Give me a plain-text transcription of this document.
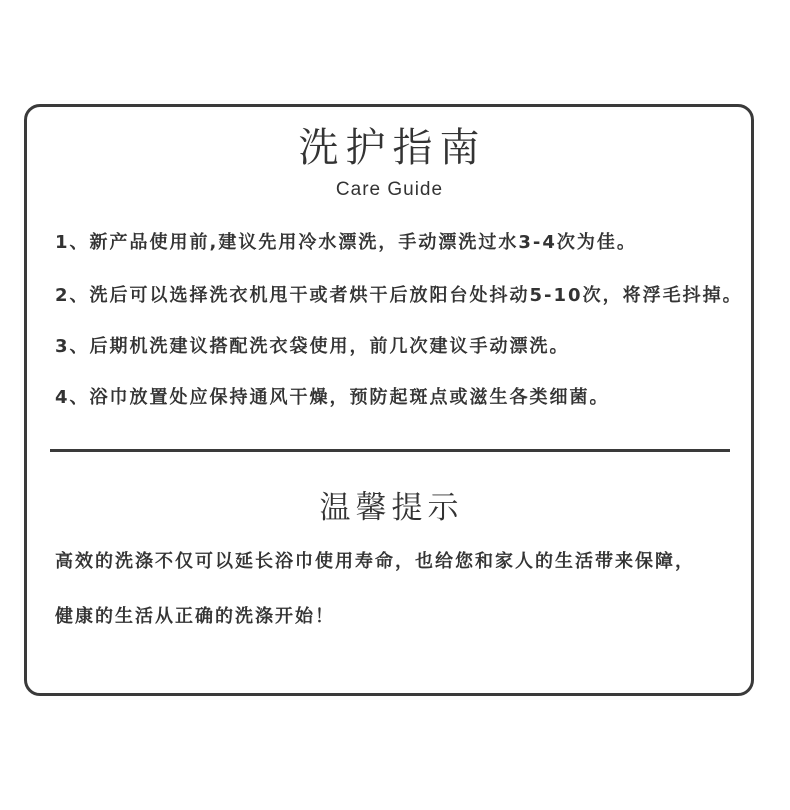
洗护指南
Care Guide
1、新产品使用前,建议先用冷水漂洗，手动漂洗过水3-4次为佳。
2、洗后可以选择洗衣机甩干或者烘干后放阳台处抖动5-10次，将浮毛抖掉。
3、后期机洗建议搭配洗衣袋使用，前几次建议手动漂洗。
4、浴巾放置处应保持通风干燥，预防起斑点或滋生各类细菌。
温馨提示
高效的洗涤不仅可以延长浴巾使用寿命，也给您和家人的生活带来保障，
健康的生活从正确的洗涤开始！
